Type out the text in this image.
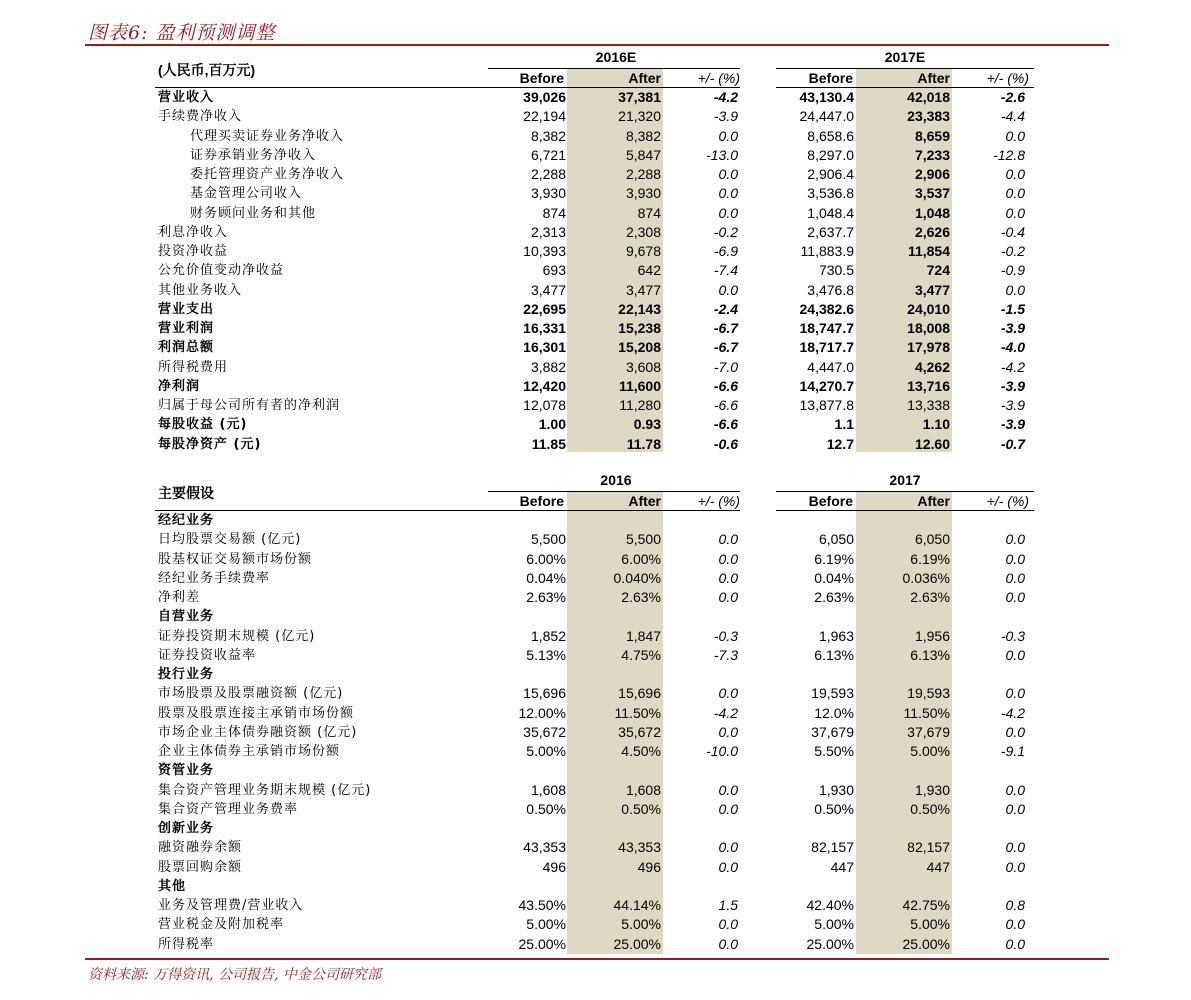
图表6: 盈利预测调整
(人民币,百万元)
2016E	2017E
Before	After	+/- (%)	Before	After	+/- (%)
营业收入	39,026	37,381	-4.2	43,130.4	42,018	-2.6
手续费净收入	22,194	21,320	-3.9	24,447.0	23,383	-4.4
代理买卖证券业务净收入	8,382	8,382	0.0	8,658.6	8,659	0.0
证券承销业务净收入	6,721	5,847	-13.0	8,297.0	7,233	-12.8
委托管理资产业务净收入	2,288	2,288	0.0	2,906.4	2,906	0.0
基金管理公司收入	3,930	3,930	0.0	3,536.8	3,537	0.0
财务顾问业务和其他	874	874	0.0	1,048.4	1,048	0.0
利息净收入	2,313	2,308	-0.2	2,637.7	2,626	-0.4
投资净收益	10,393	9,678	-6.9	11,883.9	11,854	-0.2
公允价值变动净收益	693	642	-7.4	730.5	724	-0.9
其他业务收入	3,477	3,477	0.0	3,476.8	3,477	0.0
营业支出	22,695	22,143	-2.4	24,382.6	24,010	-1.5
营业利润	16,331	15,238	-6.7	18,747.7	18,008	-3.9
利润总额	16,301	15,208	-6.7	18,717.7	17,978	-4.0
所得税费用	3,882	3,608	-7.0	4,447.0	4,262	-4.2
净利润	12,420	11,600	-6.6	14,270.7	13,716	-3.9
归属于母公司所有者的净利润	12,078	11,280	-6.6	13,877.8	13,338	-3.9
每股收益 (元)	1.00	0.93	-6.6	1.1	1.10	-3.9
每股净资产 (元)	11.85	11.78	-0.6	12.7	12.60	-0.7
主要假设
2016	2017
Before	After	+/- (%)	Before	After	+/- (%)
经纪业务
日均股票交易额 (亿元)	5,500	5,500	0.0	6,050	6,050	0.0
股基权证交易额市场份额	6.00%	6.00%	0.0	6.19%	6.19%	0.0
经纪业务手续费率	0.04%	0.040%	0.0	0.04%	0.036%	0.0
净利差	2.63%	2.63%	0.0	2.63%	2.63%	0.0
自营业务
证券投资期末规模 (亿元)	1,852	1,847	-0.3	1,963	1,956	-0.3
证券投资收益率	5.13%	4.75%	-7.3	6.13%	6.13%	0.0
投行业务
市场股票及股票融资额 (亿元)	15,696	15,696	0.0	19,593	19,593	0.0
股票及股票连接主承销市场份额	12.00%	11.50%	-4.2	12.0%	11.50%	-4.2
市场企业主体债券融资额 (亿元)	35,672	35,672	0.0	37,679	37,679	0.0
企业主体债券主承销市场份额	5.00%	4.50%	-10.0	5.50%	5.00%	-9.1
资管业务
集合资产管理业务期末规模 (亿元)	1,608	1,608	0.0	1,930	1,930	0.0
集合资产管理业务费率	0.50%	0.50%	0.0	0.50%	0.50%	0.0
创新业务
融资融券余额	43,353	43,353	0.0	82,157	82,157	0.0
股票回购余额	496	496	0.0	447	447	0.0
其他
业务及管理费/营业收入	43.50%	44.14%	1.5	42.40%	42.75%	0.8
营业税金及附加税率	5.00%	5.00%	0.0	5.00%	5.00%	0.0
所得税率	25.00%	25.00%	0.0	25.00%	25.00%	0.0
资料来源: 万得资讯, 公司报告, 中金公司研究部
